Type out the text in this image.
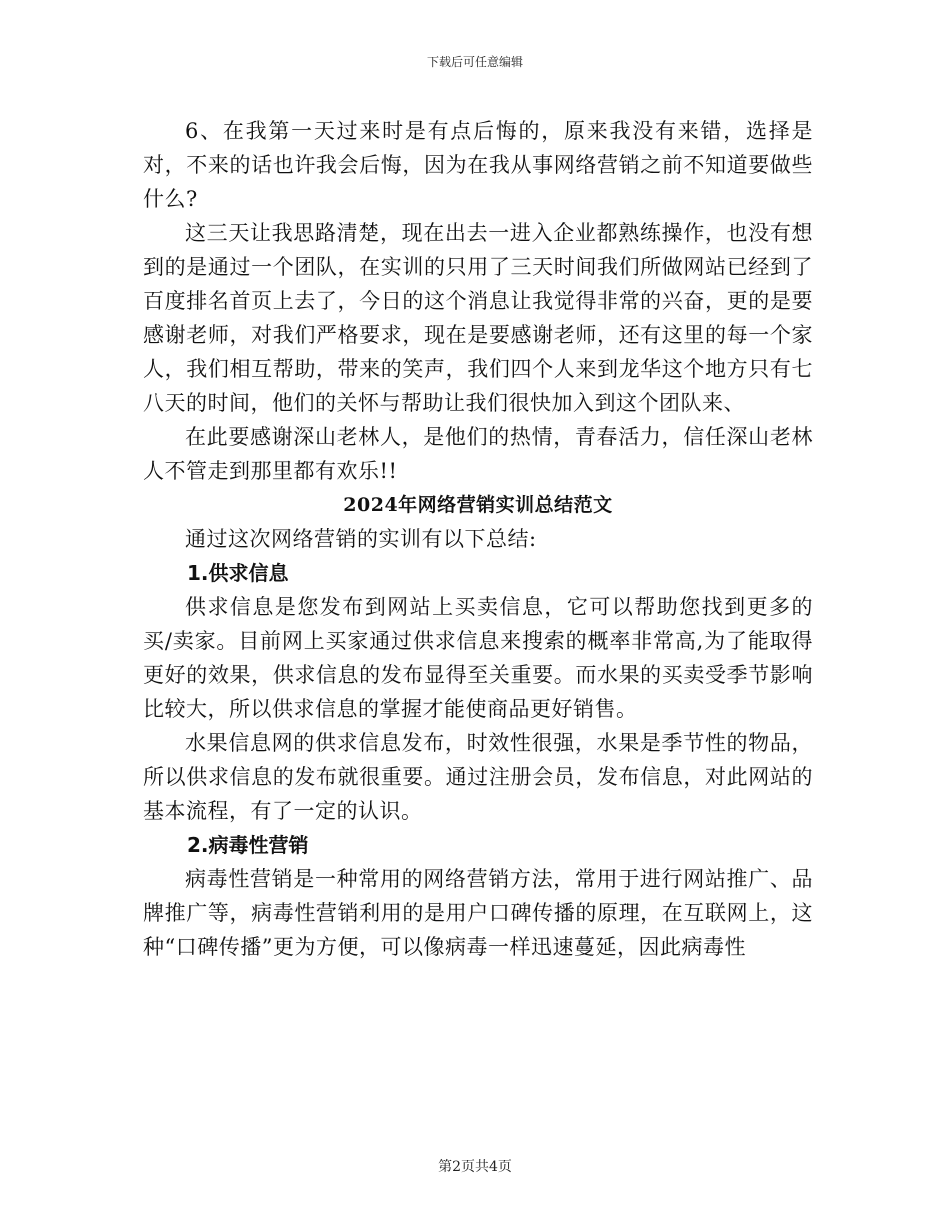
下载后可任意编辑

6、在我第一天过来时是有点后悔的，原来我没有来错，选择是对，不来的话也许我会后悔，因为在我从事网络营销之前不知道要做些什么?

这三天让我思路清楚，现在出去一进入企业都熟练操作，也没有想到的是通过一个团队，在实训的只用了三天时间我们所做网站已经到了百度排名首页上去了，今日的这个消息让我觉得非常的兴奋，更的是要感谢老师，对我们严格要求，现在是要感谢老师，还有这里的每一个家人，我们相互帮助，带来的笑声，我们四个人来到龙华这个地方只有七八天的时间，他们的关怀与帮助让我们很快加入到这个团队来、

在此要感谢深山老林人，是他们的热情，青春活力，信任深山老林人不管走到那里都有欢乐!!

2024年网络营销实训总结范文

通过这次网络营销的实训有以下总结:

1.供求信息

供求信息是您发布到网站上买卖信息，它可以帮助您找到更多的买/卖家。目前网上买家通过供求信息来搜索的概率非常高,为了能取得更好的效果，供求信息的发布显得至关重要。而水果的买卖受季节影响比较大，所以供求信息的掌握才能使商品更好销售。

水果信息网的供求信息发布，时效性很强，水果是季节性的物品，所以供求信息的发布就很重要。通过注册会员，发布信息，对此网站的基本流程，有了一定的认识。

2.病毒性营销

病毒性营销是一种常用的网络营销方法，常用于进行网站推广、品牌推广等，病毒性营销利用的是用户口碑传播的原理，在互联网上，这种“口碑传播”更为方便，可以像病毒一样迅速蔓延，因此病毒性

第2页共4页
